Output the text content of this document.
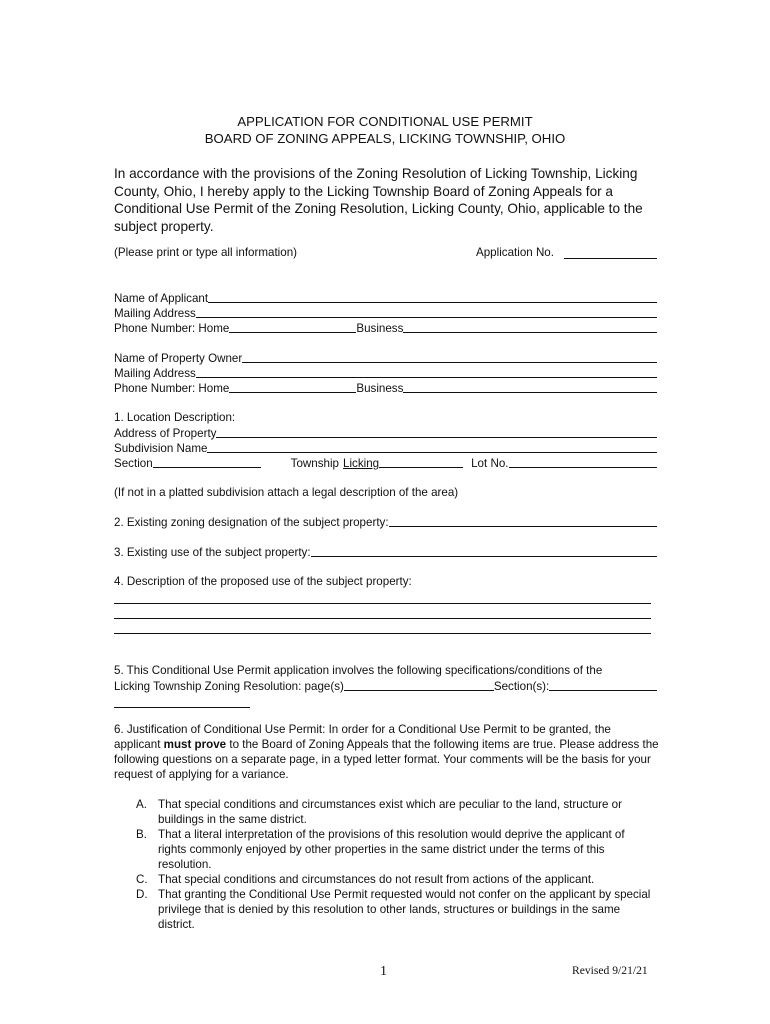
APPLICATION FOR CONDITIONAL USE PERMIT
BOARD OF ZONING APPEALS, LICKING TOWNSHIP, OHIO
In accordance with the provisions of the Zoning Resolution of Licking Township, Licking County, Ohio, I hereby apply to the Licking Township Board of Zoning Appeals for a Conditional Use Permit of the Zoning Resolution, Licking County, Ohio, applicable to the subject property.
(Please print or type all information)	Application No.
Name of Applicant
Mailing Address
Phone Number: Home	Business
Name of Property Owner
Mailing Address
Phone Number: Home	Business
1. Location Description:
Address of Property
Subdivision Name
Section	Township Licking	Lot No.
(If not in a platted subdivision attach a legal description of the area)
2. Existing zoning designation of the subject property:
3. Existing use of the subject property:
4. Description of the proposed use of the subject property:
5. This Conditional Use Permit application involves the following specifications/conditions of the
Licking Township Zoning Resolution: page(s)	Section(s):
6. Justification of Conditional Use Permit: In order for a Conditional Use Permit to be granted, the applicant must prove to the Board of Zoning Appeals that the following items are true. Please address the following questions on a separate page, in a typed letter format. Your comments will be the basis for your request of applying for a variance.
A. That special conditions and circumstances exist which are peculiar to the land, structure or buildings in the same district.
B. That a literal interpretation of the provisions of this resolution would deprive the applicant of rights commonly enjoyed by other properties in the same district under the terms of this resolution.
C. That special conditions and circumstances do not result from actions of the applicant.
D. That granting the Conditional Use Permit requested would not confer on the applicant by special privilege that is denied by this resolution to other lands, structures or buildings in the same district.
1	Revised 9/21/21
